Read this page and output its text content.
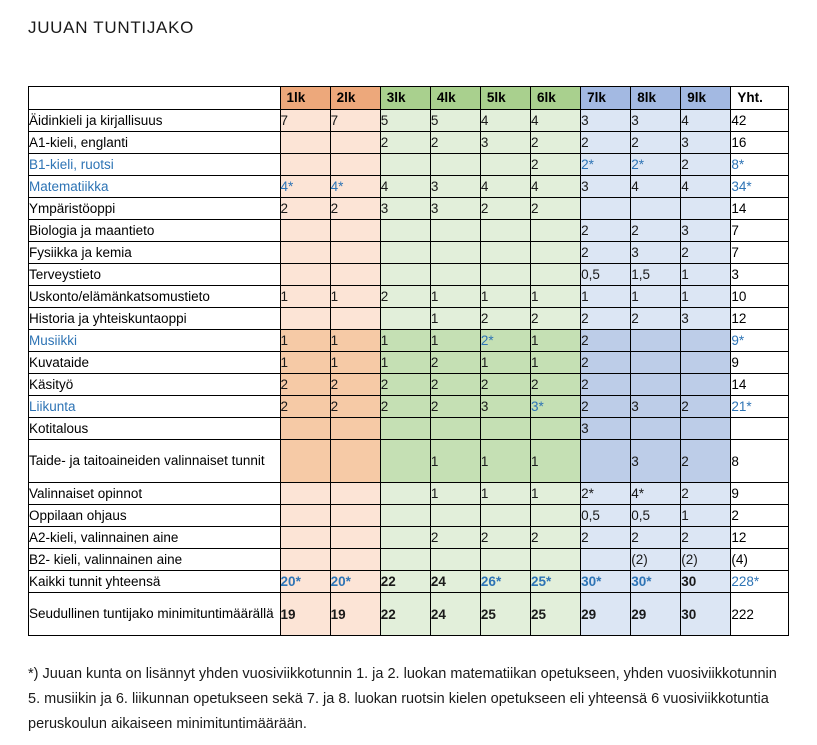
JUUAN TUNTIJAKO
	1lk	2lk	3lk	4lk	5lk	6lk	7lk	8lk	9lk	Yht.
Äidinkieli ja kirjallisuus	7	7	5	5	4	4	3	3	4	42
A1-kieli, englanti			2	2	3	2	2	2	3	16
B1-kieli, ruotsi						2	2*	2*	2	8*
Matematiikka	4*	4*	4	3	4	4	3	4	4	34*
Ympäristöoppi	2	2	3	3	2	2				14
Biologia ja maantieto							2	2	3	7
Fysiikka ja kemia							2	3	2	7
Terveystieto							0,5	1,5	1	3
Uskonto/elämänkatsomustieto	1	1	2	1	1	1	1	1	1	10
Historia ja yhteiskuntaoppi				1	2	2	2	2	3	12
Musiikki	1	1	1	1	2*	1	2			9*
Kuvataide	1	1	1	2	1	1	2			9
Käsityö	2	2	2	2	2	2	2			14
Liikunta	2	2	2	2	3	3*	2	3	2	21*
Kotitalous							3			
Taide- ja taitoaineiden valinnaiset tunnit				1	1	1		3	2	8
Valinnaiset opinnot				1	1	1	2*	4*	2	9
Oppilaan ohjaus							0,5	0,5	1	2
A2-kieli, valinnainen aine				2	2	2	2	2	2	12
B2- kieli, valinnainen aine								(2)	(2)	(4)
Kaikki tunnit yhteensä	20*	20*	22	24	26*	25*	30*	30*	30	228*
Seudullinen tuntijako minimituntimäärällä	19	19	22	24	25	25	29	29	30	222
*) Juuan kunta on lisännyt yhden vuosiviikkotunnin 1. ja 2. luokan matematiikan opetukseen, yhden vuosiviikkotunnin 5. musiikin ja 6. liikunnan opetukseen sekä 7. ja 8. luokan ruotsin kielen opetukseen eli yhteensä 6 vuosiviikkotuntia peruskoulun aikaiseen minimituntimäärään.
